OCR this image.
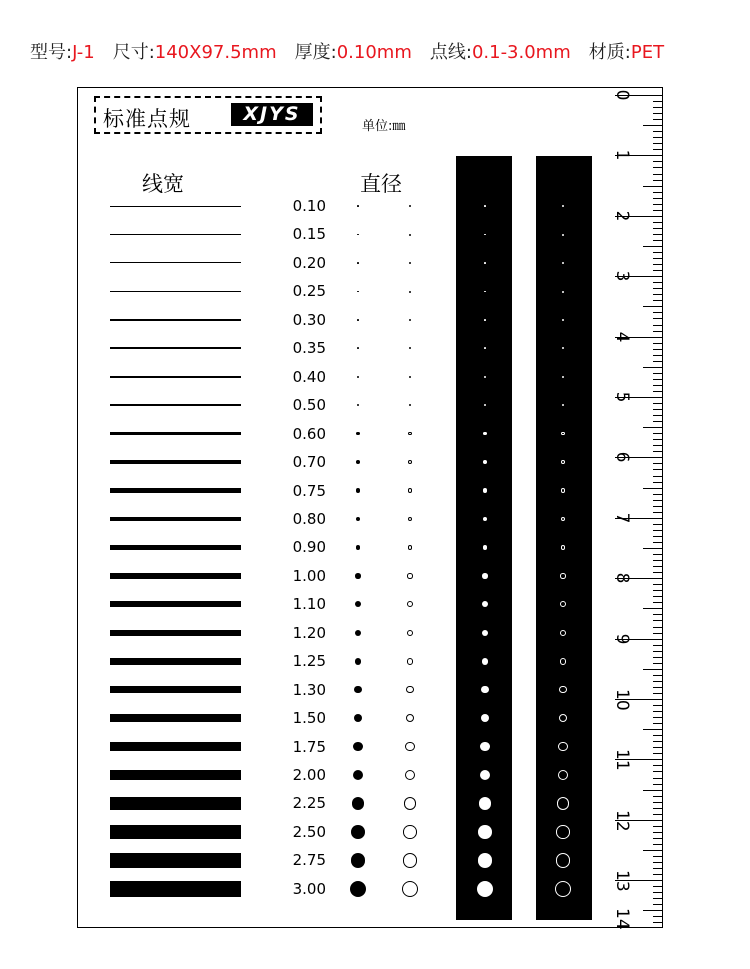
型号:J-1 尺寸:140X97.5mm 厚度:0.10mm 点线:0.1-3.0mm 材质:PET
标准点规	XJYS
单位:㎜
线宽	直径
0.10
0.15
0.20
0.25
0.30
0.35
0.40
0.50
0.60
0.70
0.75
0.80
0.90
1.00
1.10
1.20
1.25
1.30
1.50
1.75
2.00
2.25
2.50
2.75
3.00
0
1
2
3
4
5
6
7
8
9
10
11
12
13
14
